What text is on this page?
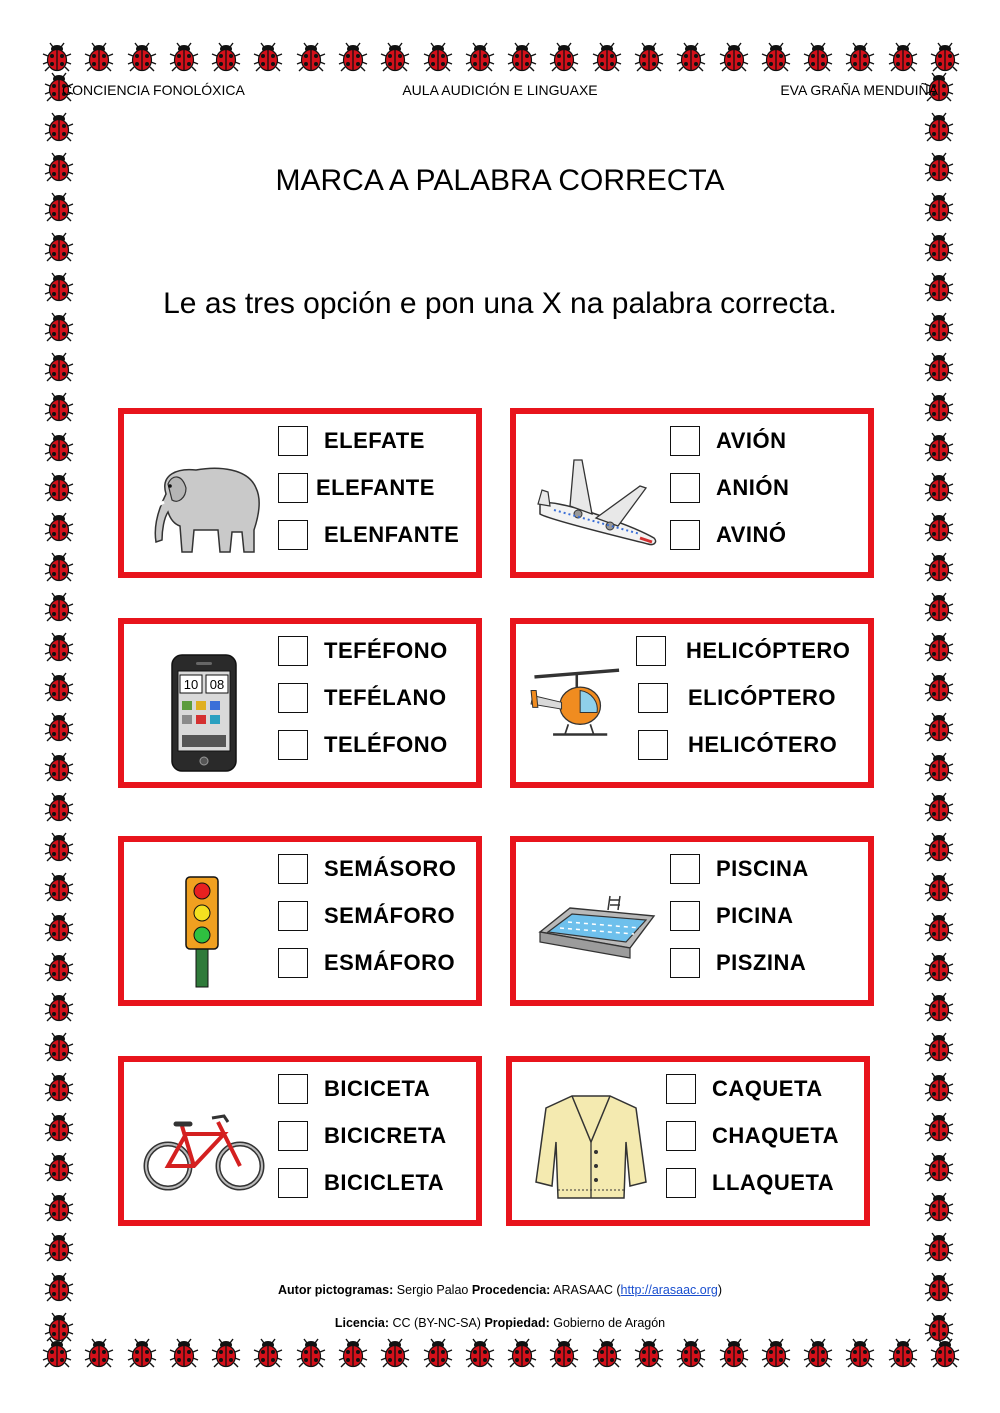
CONCIENCIA FONOLÓXICA	AULA AUDICIÓN E LINGUAXE	EVA GRAÑA MENDUIÑA
MARCA A PALABRA CORRECTA
Le as tres opción e pon una X na palabra correcta.
ELEFATE
ELEFANTE
ELENFANTE
AVIÓN
ANIÓN
AVINÓ
10 08
TEFÉFONO
TEFÉLANO
TELÉFONO
HELICÓPTERO
ELICÓPTERO
HELICÓTERO
SEMÁSORO
SEMÁFORO
ESMÁFORO
PISCINA
PICINA
PISZINA
BICICETA
BICICRETA
BICICLETA
CAQUETA
CHAQUETA
LLAQUETA
Autor pictogramas: Sergio Palao Procedencia: ARASAAC (http://arasaac.org)
Licencia: CC (BY-NC-SA) Propiedad: Gobierno de Aragón
